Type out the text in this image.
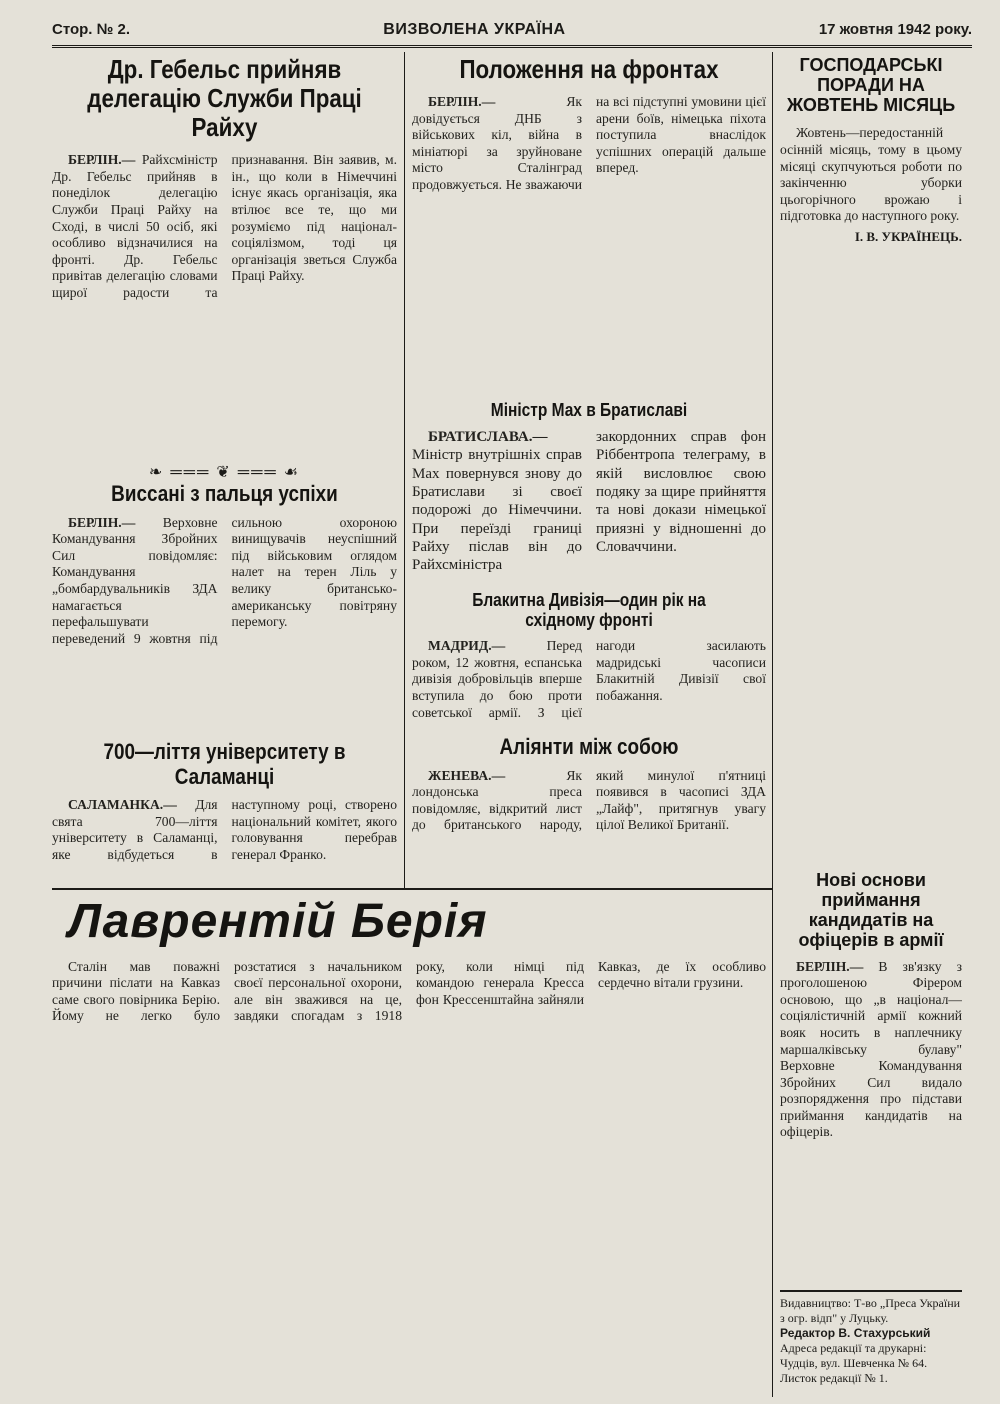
Стор. № 2.	ВИЗВОЛЕНА УКРАЇНА	17 жовтня 1942 року.
Др. Гебельс прийняв делегацію Служби Праці Райху

БЕРЛІН.— Райхсміністр Др. Гебельс прийняв в понеділок делегацію Служби Праці Райху на Сході, в числі 50 осіб, які особливо відзначилися на фронті. Др. Гебельс привітав делегацію словами щирої радости та признавання. Він заявив, м. ін., що коли в Німеччині існує якась організація, яка втілює все те, що ми розуміємо під націонал-соціялізмом, тоді ця організація зветься Служба Праці Райху.

❧ ═══ ❦ ═══ ☙
Виссані з пальця успіхи

БЕРЛІН.— Верховне Командування Збройних Сил повідомляє: Командування „бомбардувальників ЗДА намагається перефальшувати переведений 9 жовтня під сильною охороною винищувачів неуспішний під військовим оглядом налет на терен Ліль у велику британсько-американську повітряну перемогу.

700—ліття університету в Саламанці

САЛАМАНКА.— Для свята 700—ліття університету в Саламанці, яке відбудеться в наступному році, створено національний комітет, якого головування перебрав генерал Франко.

Положення на фронтах

БЕРЛІН.—	Як довідується ДНБ з військових кіл, війна в мініатюрі за зруйноване місто Сталінград продовжується. Не зважаючи на всі підступні умовини цієї арени боїв, німецька піхота поступила внаслідок успішних операцій дальше вперед.

Міністр Мах в Братиславі

БРАТИСЛАВА.— Міністр внутрішніх справ Мах повернувся знову до Братислави зі своєї подорожі до Німеччини. При переїзді границі Райху післав він до Райхсміністра закордонних справ фон Ріббентропа телеграму, в якій висловлює свою подяку за щире прийняття та нові докази німецької приязні у відношенні до Словаччини.

Блакитна Дивізія—один рік на східному фронті

МАДРИД.—	Перед роком, 12 жовтня, еспанська дивізія добровільців вперше вступила до бою проти советської армії. З цієї нагоди засилають мадридські часописи Блакитній Дивізії свої побажання.

Аліянти між собою

ЖЕНЕВА.—	Як лондонська преса повідомляє, відкритий лист до британського народу, який минулої п'ятниці появився в часописі ЗДА „Лайф", притягнув увагу цілої Великої Британії.

ГОСПОДАРСЬКІ ПОРАДИ НА ЖОВТЕНЬ МІСЯЦЬ

Жовтень—передостанній осінній місяць, тому в цьому місяці скупчуються роботи по закінченню уборки цьогорічного врожаю і підготовка до наступного року.

І. В. УКРАЇНЕЦЬ.
Лаврентій Берія

Сталін мав поважні причини післати на Кавказ саме свого повірника Берію. Йому не легко було розстатися з начальником своєї персональної охорони, але він зважився на це, завдяки спогадам з 1918 року, коли німці під командою генерала Кресса фон Крессенштайна зайняли Кавказ, де їх особливо сердечно вітали грузини.

Нові основи приймання кандидатів на офіцерів в армії

БЕРЛІН.— В зв'язку з проголошеною Фірером основою, що „в націонал—соціялістичній армії кожний вояк носить в наплечнику маршалківську булаву" Верховне Командування Збройних Сил видало розпорядження про підстави приймання кандидатів на офіцерів.

Видавництво: Т-во „Преса України з огр. відп" у Луцьку.
Редактор В. Стахурський
Адреса редакції та друкарні: Чудців, вул. Шевченка № 64.
Листок редакції № 1.
